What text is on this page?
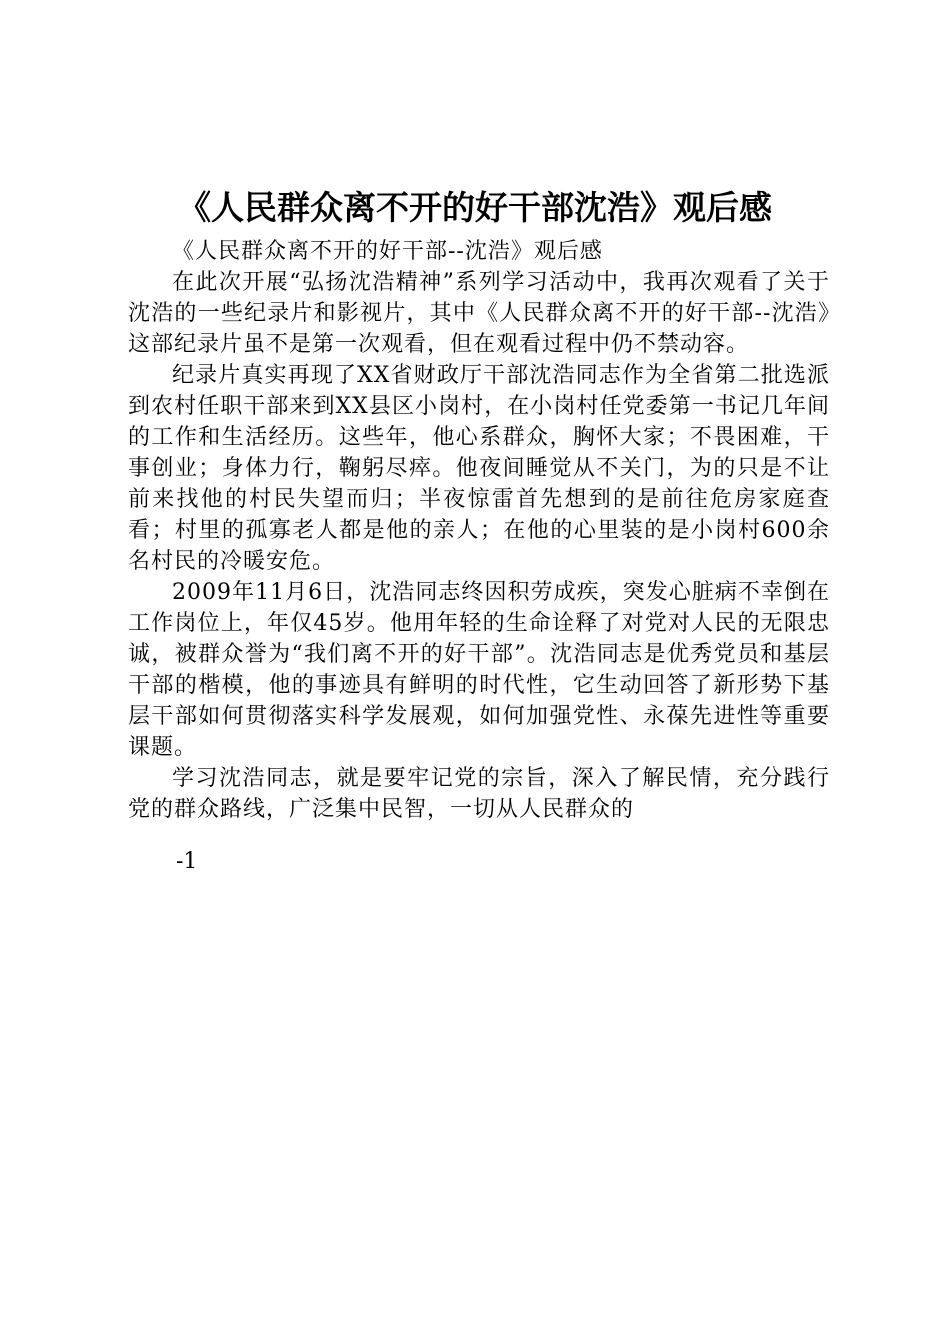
《人民群众离不开的好干部沈浩》观后感

《人民群众离不开的好干部--沈浩》观后感

在此次开展“弘扬沈浩精神”系列学习活动中，我再次观看了关于沈浩的一些纪录片和影视片，其中《人民群众离不开的好干部--沈浩》这部纪录片虽不是第一次观看，但在观看过程中仍不禁动容。

纪录片真实再现了XX省财政厅干部沈浩同志作为全省第二批选派到农村任职干部来到XX县区小岗村，在小岗村任党委第一书记几年间的工作和生活经历。这些年，他心系群众，胸怀大家；不畏困难，干事创业；身体力行，鞠躬尽瘁。他夜间睡觉从不关门，为的只是不让前来找他的村民失望而归；半夜惊雷首先想到的是前往危房家庭查看；村里的孤寡老人都是他的亲人；在他的心里装的是小岗村600余名村民的冷暖安危。

2009年11月6日，沈浩同志终因积劳成疾，突发心脏病不幸倒在工作岗位上，年仅45岁。他用年轻的生命诠释了对党对人民的无限忠诚，被群众誉为“我们离不开的好干部”。沈浩同志是优秀党员和基层干部的楷模，他的事迹具有鲜明的时代性，它生动回答了新形势下基层干部如何贯彻落实科学发展观，如何加强党性、永葆先进性等重要课题。

学习沈浩同志，就是要牢记党的宗旨，深入了解民情，充分践行党的群众路线，广泛集中民智，一切从人民群众的

-1
